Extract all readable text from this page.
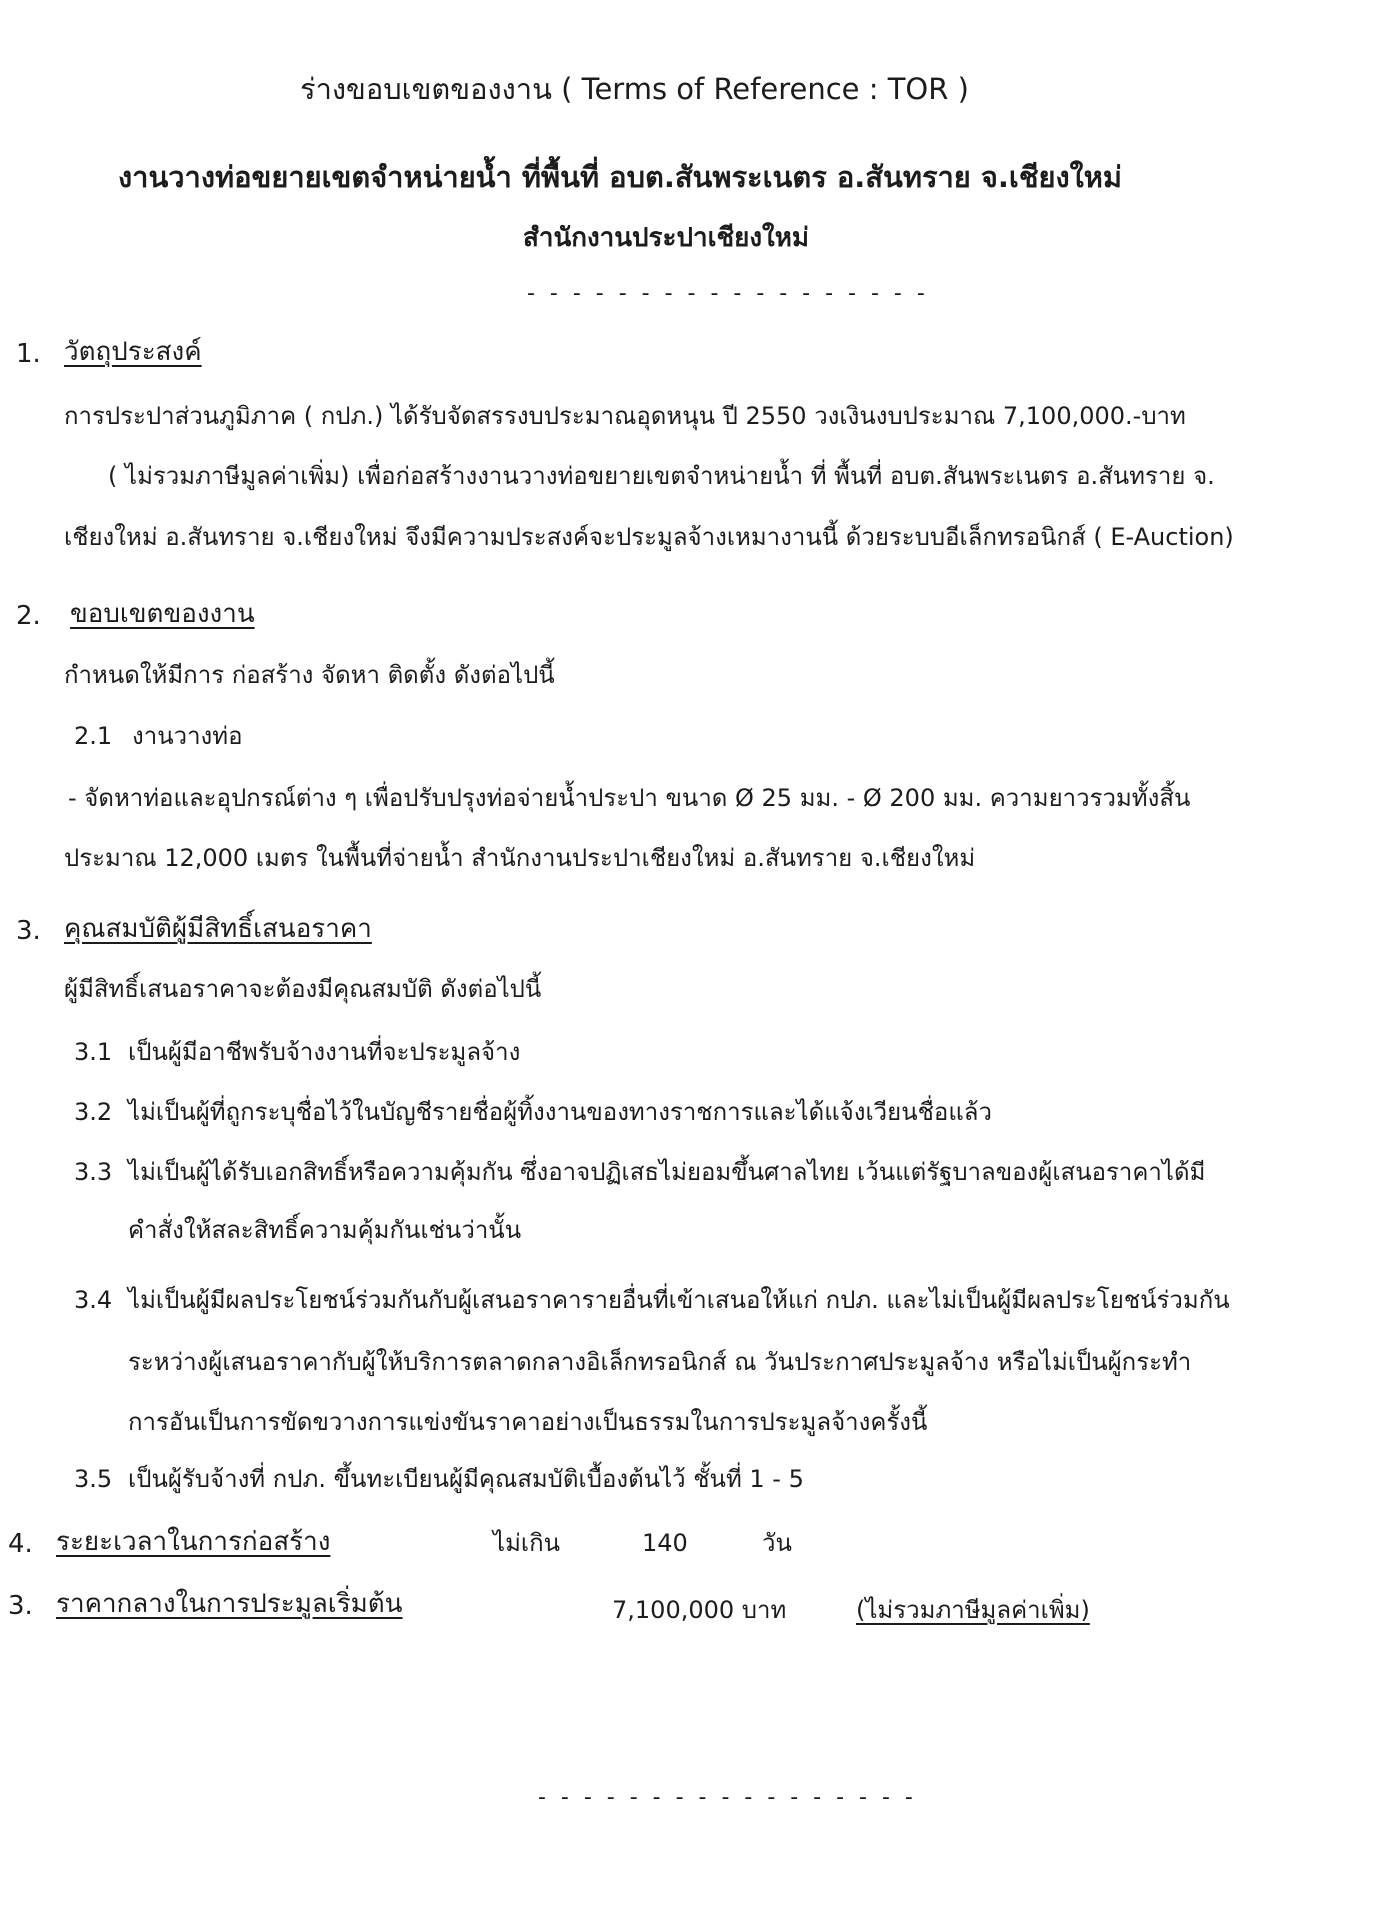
ร่างขอบเขตของงาน ( Terms of Reference : TOR )
งานวางท่อขยายเขตจำหน่ายน้ำ ที่พื้นที่ อบต.สันพระเนตร อ.สันทราย จ.เชียงใหม่
สำนักงานประปาเชียงใหม่
- - - - - - - - - - - - - - - - - -
1. วัตถุประสงค์
การประปาส่วนภูมิภาค ( กปภ.) ได้รับจัดสรรงบประมาณอุดหนุน ปี 2550 วงเงินงบประมาณ 7,100,000.-บาท
( ไม่รวมภาษีมูลค่าเพิ่ม) เพื่อก่อสร้างงานวางท่อขยายเขตจำหน่ายน้ำ ที่ พื้นที่ อบต.สันพระเนตร อ.สันทราย จ.
เชียงใหม่ อ.สันทราย จ.เชียงใหม่ จึงมีความประสงค์จะประมูลจ้างเหมางานนี้ ด้วยระบบอีเล็กทรอนิกส์ ( E-Auction)
2. ขอบเขตของงาน
กำหนดให้มีการ ก่อสร้าง จัดหา ติดตั้ง ดังต่อไปนี้
2.1 งานวางท่อ
- จัดหาท่อและอุปกรณ์ต่าง ๆ เพื่อปรับปรุงท่อจ่ายน้ำประปา ขนาด Ø 25 มม. - Ø 200 มม. ความยาวรวมทั้งสิ้น
ประมาณ 12,000 เมตร ในพื้นที่จ่ายน้ำ สำนักงานประปาเชียงใหม่ อ.สันทราย จ.เชียงใหม่
3. คุณสมบัติผู้มีสิทธิ์เสนอราคา
ผู้มีสิทธิ์เสนอราคาจะต้องมีคุณสมบัติ ดังต่อไปนี้
3.1 เป็นผู้มีอาชีพรับจ้างงานที่จะประมูลจ้าง
3.2 ไม่เป็นผู้ที่ถูกระบุชื่อไว้ในบัญชีรายชื่อผู้ทิ้งงานของทางราชการและได้แจ้งเวียนชื่อแล้ว
3.3 ไม่เป็นผู้ได้รับเอกสิทธิ์หรือความคุ้มกัน ซึ่งอาจปฏิเสธไม่ยอมขึ้นศาลไทย เว้นแต่รัฐบาลของผู้เสนอราคาได้มี
คำสั่งให้สละสิทธิ์ความคุ้มกันเช่นว่านั้น
3.4 ไม่เป็นผู้มีผลประโยชน์ร่วมกันกับผู้เสนอราคารายอื่นที่เข้าเสนอให้แก่ กปภ. และไม่เป็นผู้มีผลประโยชน์ร่วมกัน
ระหว่างผู้เสนอราคากับผู้ให้บริการตลาดกลางอิเล็กทรอนิกส์ ณ วันประกาศประมูลจ้าง หรือไม่เป็นผู้กระทำ
การอันเป็นการขัดขวางการแข่งขันราคาอย่างเป็นธรรมในการประมูลจ้างครั้งนี้
3.5 เป็นผู้รับจ้างที่ กปภ. ขึ้นทะเบียนผู้มีคุณสมบัติเบื้องต้นไว้ ชั้นที่ 1 - 5
4. ระยะเวลาในการก่อสร้าง	ไม่เกิน	140	วัน
3. ราคากลางในการประมูลเริ่มต้น	7,100,000 บาท	(ไม่รวมภาษีมูลค่าเพิ่ม)
- - - - - - - - - - - - - - - - -
